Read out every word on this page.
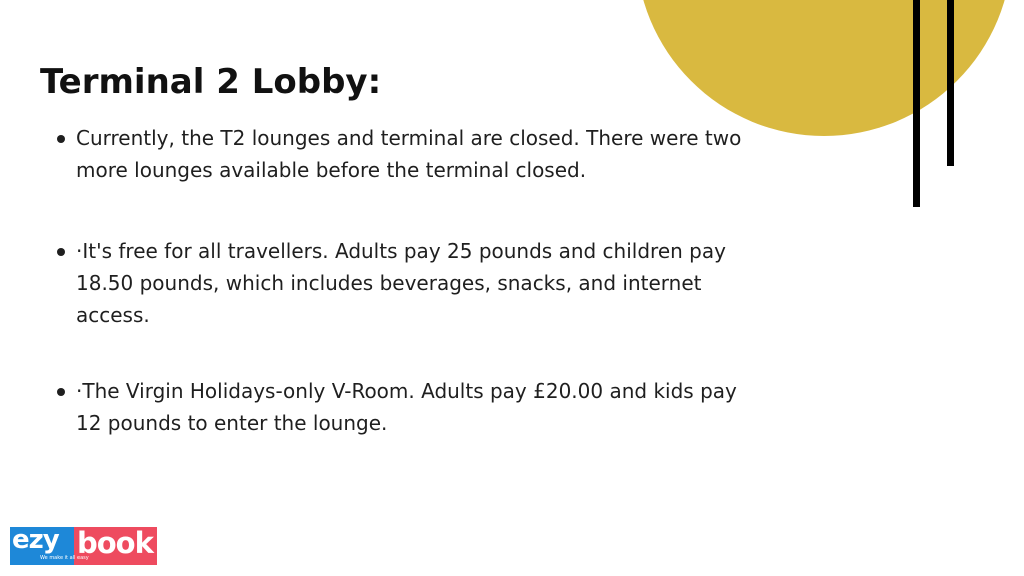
Terminal 2 Lobby:
Currently, the T2 lounges and terminal are closed. There were two more lounges available before the terminal closed.
·It's free for all travellers. Adults pay 25 pounds and children pay 18.50 pounds, which includes beverages, snacks, and internet access.
·The Virgin Holidays-only V-Room. Adults pay £20.00 and kids pay 12 pounds to enter the lounge.
ezy book
We make it all easy
